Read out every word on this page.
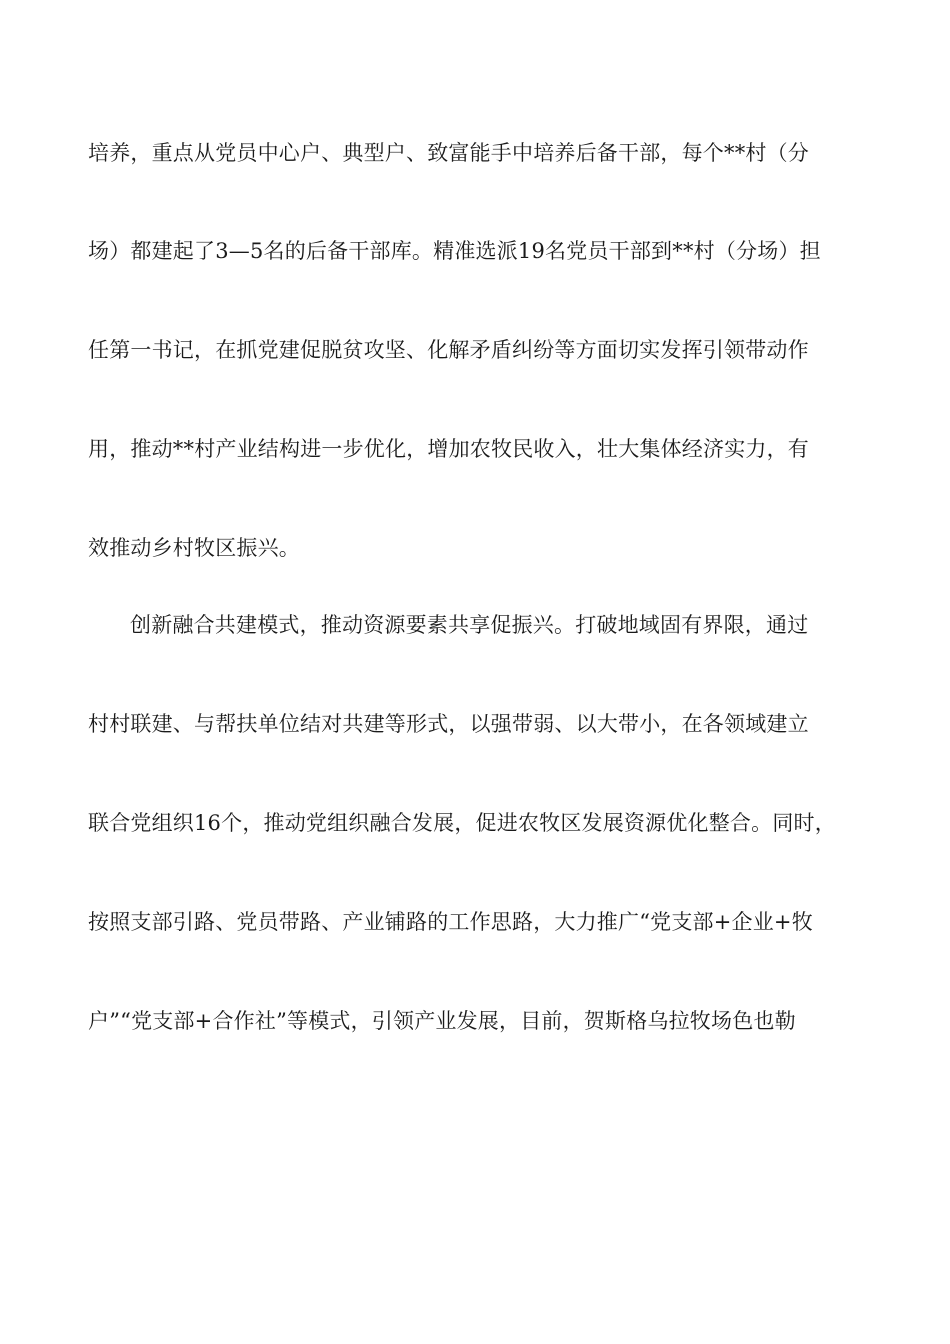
培养，重点从党员中心户、典型户、致富能手中培养后备干部，每个**村（分
场）都建起了3—5名的后备干部库。精准选派19名党员干部到**村（分场）担
任第一书记，在抓党建促脱贫攻坚、化解矛盾纠纷等方面切实发挥引领带动作
用，推动**村产业结构进一步优化，增加农牧民收入，壮大集体经济实力，有
效推动乡村牧区振兴。
创新融合共建模式，推动资源要素共享促振兴。打破地域固有界限，通过
村村联建、与帮扶单位结对共建等形式，以强带弱、以大带小，在各领域建立
联合党组织16个，推动党组织融合发展，促进农牧区发展资源优化整合。同时，
按照支部引路、党员带路、产业铺路的工作思路，大力推广“党支部+企业+牧
户”“党支部+合作社”等模式，引领产业发展，目前，贺斯格乌拉牧场色也勒
